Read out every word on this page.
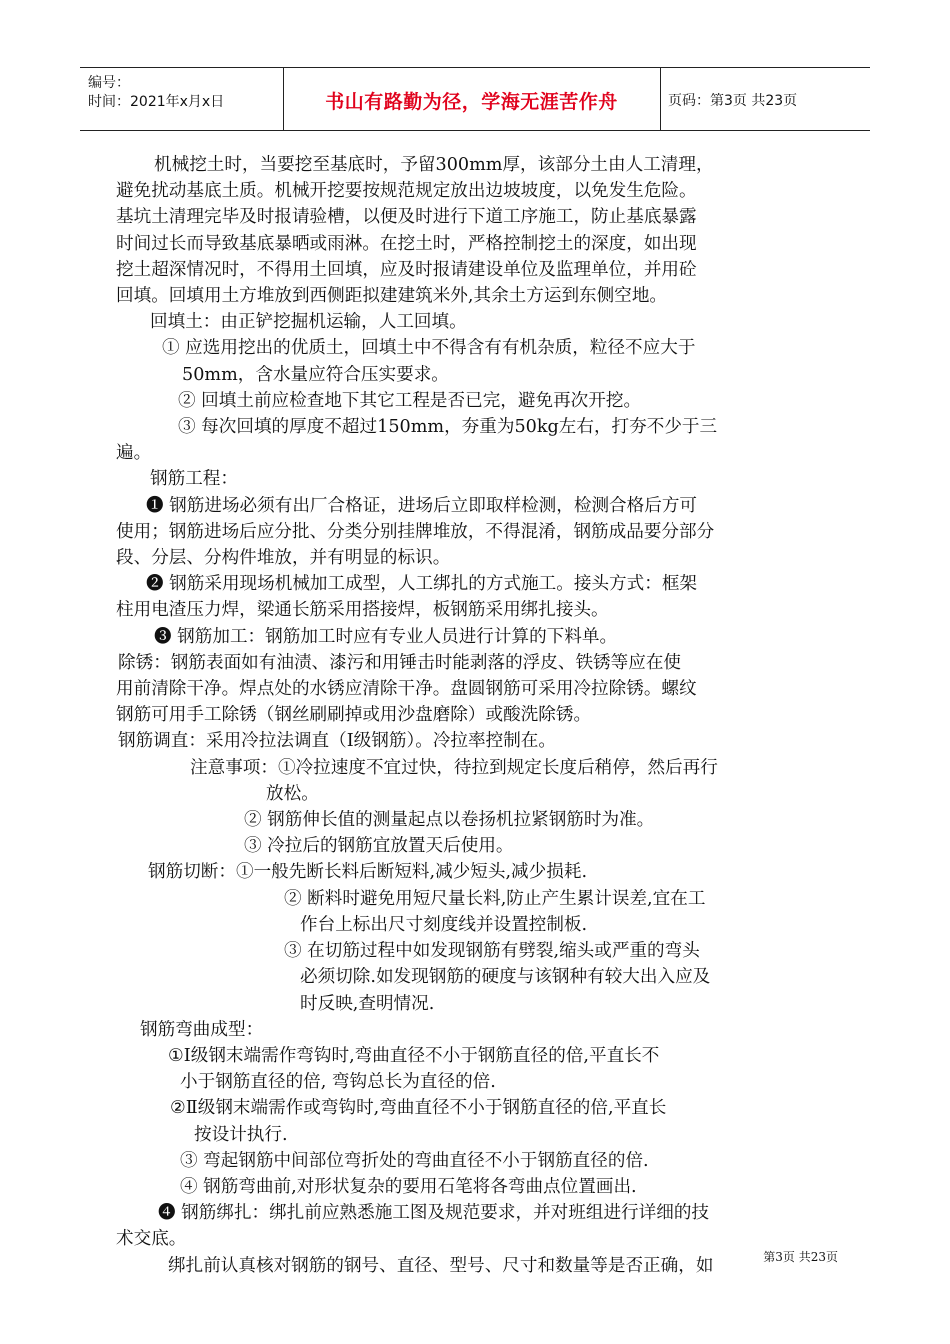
编号：
时间：2021年x月x日	书山有路勤为径，学海无涯苦作舟	页码：第3页 共23页

机械挖土时，当要挖至基底时，予留300mm厚，该部分土由人工清理，

避免扰动基底土质。机械开挖要按规范规定放出边坡坡度，以免发生危险。

基坑土清理完毕及时报请验槽，以便及时进行下道工序施工，防止基底暴露

时间过长而导致基底暴晒或雨淋。在挖土时，严格控制挖土的深度，如出现

挖土超深情况时，不得用土回填，应及时报请建设单位及监理单位，并用砼

回填。回填用土方堆放到西侧距拟建建筑米外,其余土方运到东侧空地。

回填土：由正铲挖掘机运输，人工回填。

① 应选用挖出的优质土，回填土中不得含有有机杂质，粒径不应大于

50mm，含水量应符合压实要求。

② 回填土前应检查地下其它工程是否已完，避免再次开挖。

③ 每次回填的厚度不超过150mm，夯重为50kg左右，打夯不少于三

遍。

钢筋工程：

❶ 钢筋进场必须有出厂合格证，进场后立即取样检测，检测合格后方可

使用；钢筋进场后应分批、分类分别挂牌堆放，不得混淆，钢筋成品要分部分

段、分层、分构件堆放，并有明显的标识。

❷ 钢筋采用现场机械加工成型，人工绑扎的方式施工。接头方式：框架

柱用电渣压力焊，梁通长筋采用搭接焊，板钢筋采用绑扎接头。

❸ 钢筋加工：钢筋加工时应有专业人员进行计算的下料单。

除锈：钢筋表面如有油渍、漆污和用锤击时能剥落的浮皮、铁锈等应在使

用前清除干净。焊点处的水锈应清除干净。盘圆钢筋可采用冷拉除锈。螺纹

钢筋可用手工除锈（钢丝刷刷掉或用沙盘磨除）或酸洗除锈。

钢筋调直：采用冷拉法调直（Ⅰ级钢筋）。冷拉率控制在。

注意事项：①冷拉速度不宜过快，待拉到规定长度后稍停，然后再行

放松。

② 钢筋伸长值的测量起点以卷扬机拉紧钢筋时为准。

③ 冷拉后的钢筋宜放置天后使用。

钢筋切断：①一般先断长料后断短料,减少短头,减少损耗.

② 断料时避免用短尺量长料,防止产生累计误差,宜在工

作台上标出尺寸刻度线并设置控制板.

③ 在切筋过程中如发现钢筋有劈裂,缩头或严重的弯头

必须切除.如发现钢筋的硬度与该钢种有较大出入应及

时反映,查明情况.

钢筋弯曲成型：

①Ⅰ级钢末端需作弯钩时,弯曲直径不小于钢筋直径的倍,平直长不

小于钢筋直径的倍, 弯钩总长为直径的倍.

②Ⅱ级钢末端需作或弯钩时,弯曲直径不小于钢筋直径的倍,平直长

按设计执行.

③ 弯起钢筋中间部位弯折处的弯曲直径不小于钢筋直径的倍.

④ 钢筋弯曲前,对形状复杂的要用石笔将各弯曲点位置画出.

❹ 钢筋绑扎：绑扎前应熟悉施工图及规范要求，并对班组进行详细的技

术交底。

绑扎前认真核对钢筋的钢号、直径、型号、尺寸和数量等是否正确，如	第3页 共23页
